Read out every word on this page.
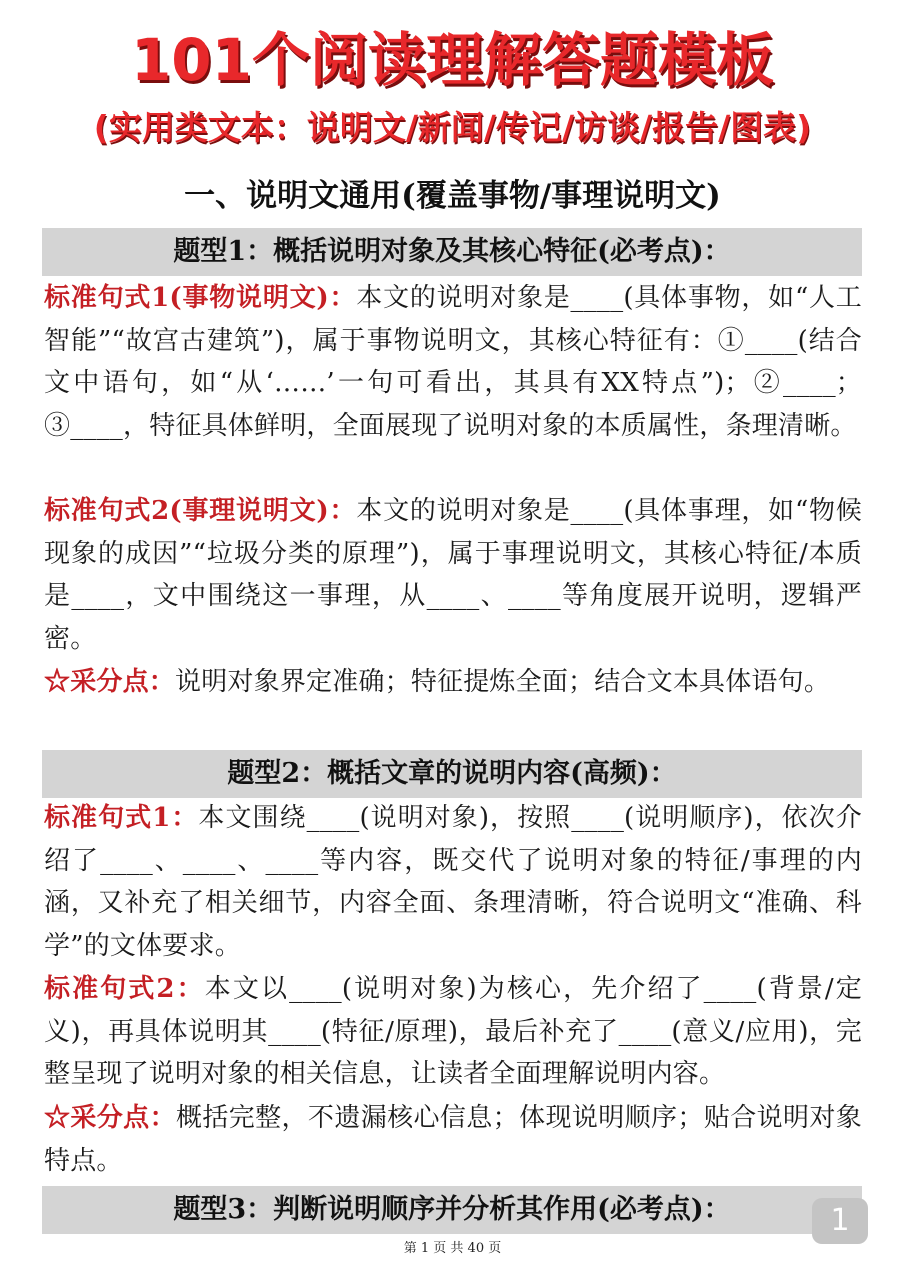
101个阅读理解答题模板
(实用类文本：说明文/新闻/传记/访谈/报告/图表)
一、说明文通用(覆盖事物/事理说明文)
题型1：概括说明对象及其核心特征(必考点)：

标准句式1(事物说明文)：本文的说明对象是____(具体事物，如“人工智能”“故宫古建筑”)，属于事物说明文，其核心特征有：①____(结合文中语句，如“从‘……’一句可看出，其具有XX特点”)；②____；③____，特征具体鲜明，全面展现了说明对象的本质属性，条理清晰。

标准句式2(事理说明文)：本文的说明对象是____(具体事理，如“物候现象的成因”“垃圾分类的原理”)，属于事理说明文，其核心特征/本质是____，文中围绕这一事理，从____、____等角度展开说明，逻辑严密。

☆采分点：说明对象界定准确；特征提炼全面；结合文本具体语句。

题型2：概括文章的说明内容(高频)：

标准句式1：本文围绕____(说明对象)，按照____(说明顺序)，依次介绍了____、____、____等内容，既交代了说明对象的特征/事理的内涵，又补充了相关细节，内容全面、条理清晰，符合说明文“准确、科学”的文体要求。

标准句式2：本文以____(说明对象)为核心，先介绍了____(背景/定义)，再具体说明其____(特征/原理)，最后补充了____(意义/应用)，完整呈现了说明对象的相关信息，让读者全面理解说明内容。

☆采分点：概括完整，不遗漏核心信息；体现说明顺序；贴合说明对象特点。

题型3：判断说明顺序并分析其作用(必考点)：
第 1 页 共 40 页
1
